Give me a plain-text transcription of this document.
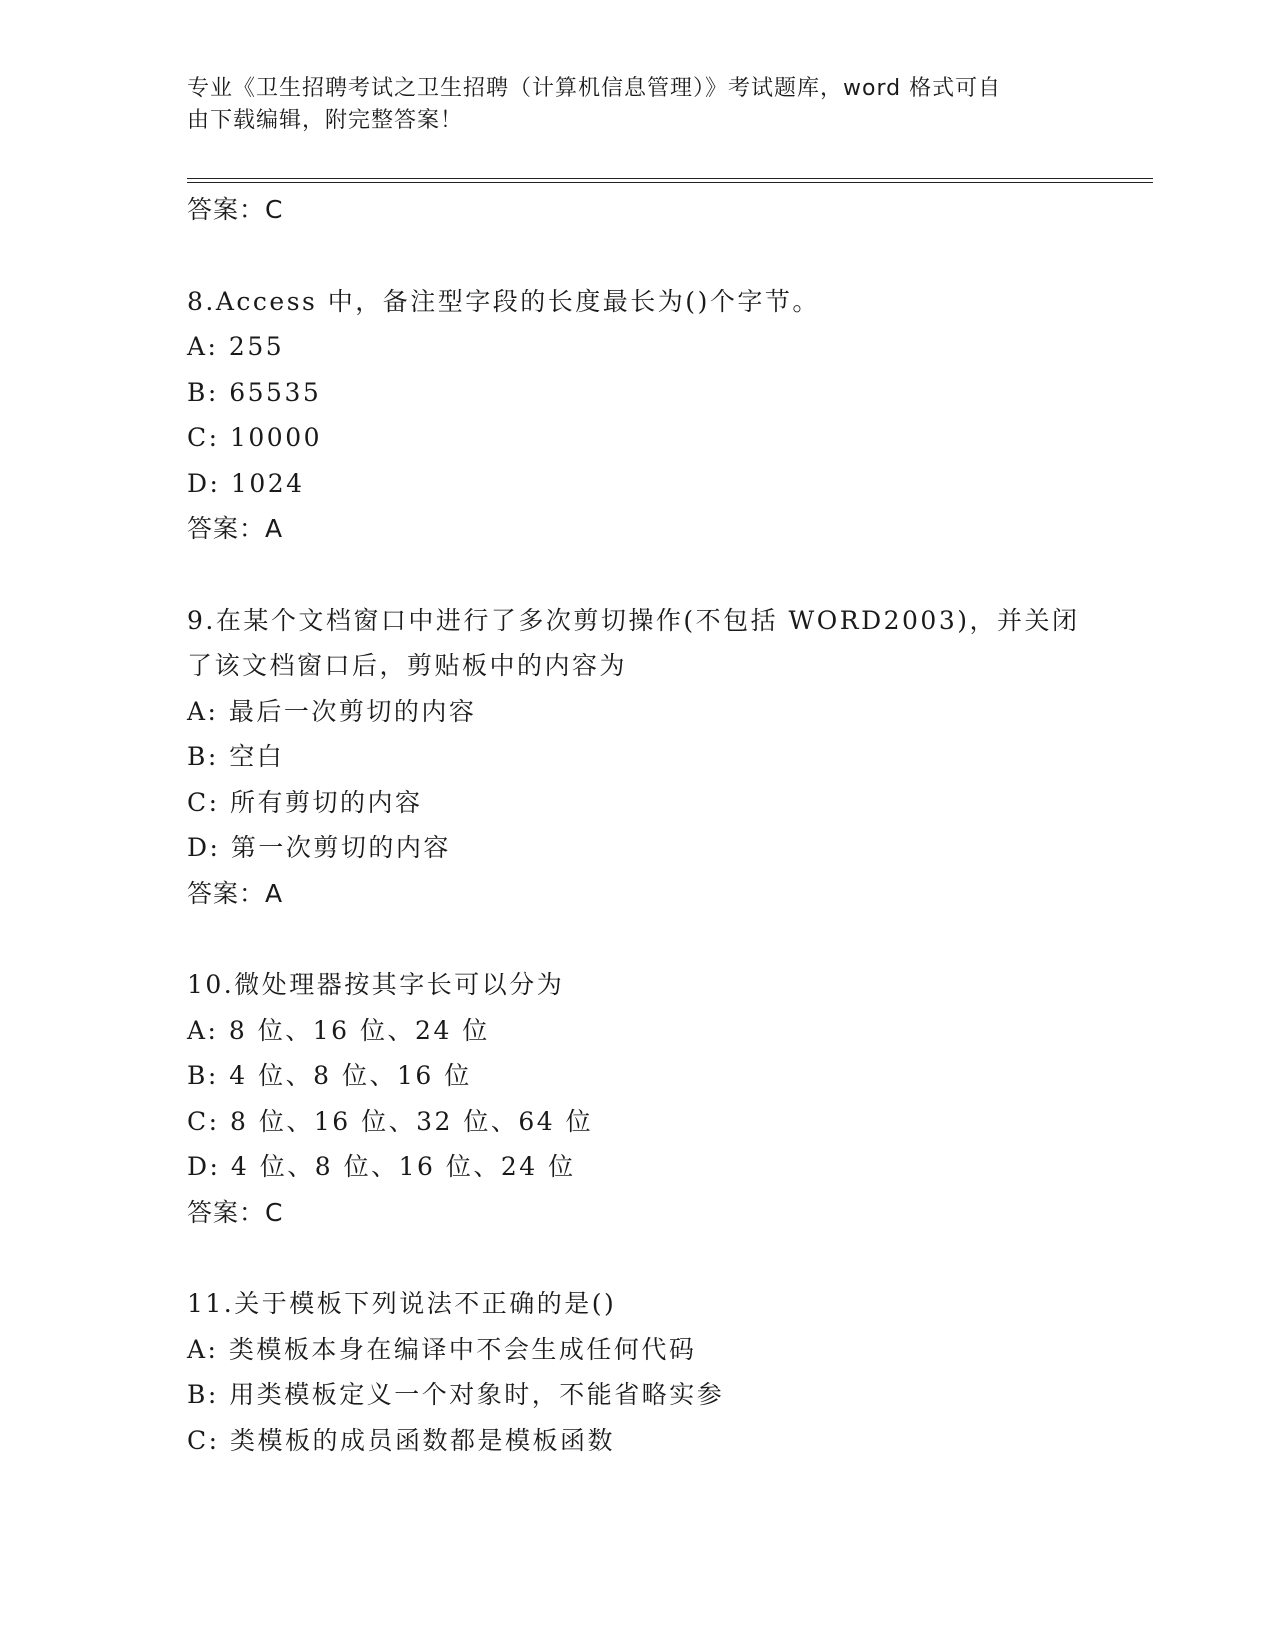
专业《卫生招聘考试之卫生招聘（计算机信息管理）》考试题库，word 格式可自
由下载编辑，附完整答案！
答案：C
8.Access 中，备注型字段的长度最长为()个字节。
A: 255
B: 65535
C: 10000
D: 1024
答案：A
9.在某个文档窗口中进行了多次剪切操作(不包括 WORD2003)，并关闭
了该文档窗口后，剪贴板中的内容为
A: 最后一次剪切的内容
B: 空白
C: 所有剪切的内容
D: 第一次剪切的内容
答案：A
10.微处理器按其字长可以分为
A: 8 位、16 位、24 位
B: 4 位、8 位、16 位
C: 8 位、16 位、32 位、64 位
D: 4 位、8 位、16 位、24 位
答案：C
11.关于模板下列说法不正确的是()
A: 类模板本身在编译中不会生成任何代码
B: 用类模板定义一个对象时，不能省略实参
C: 类模板的成员函数都是模板函数
